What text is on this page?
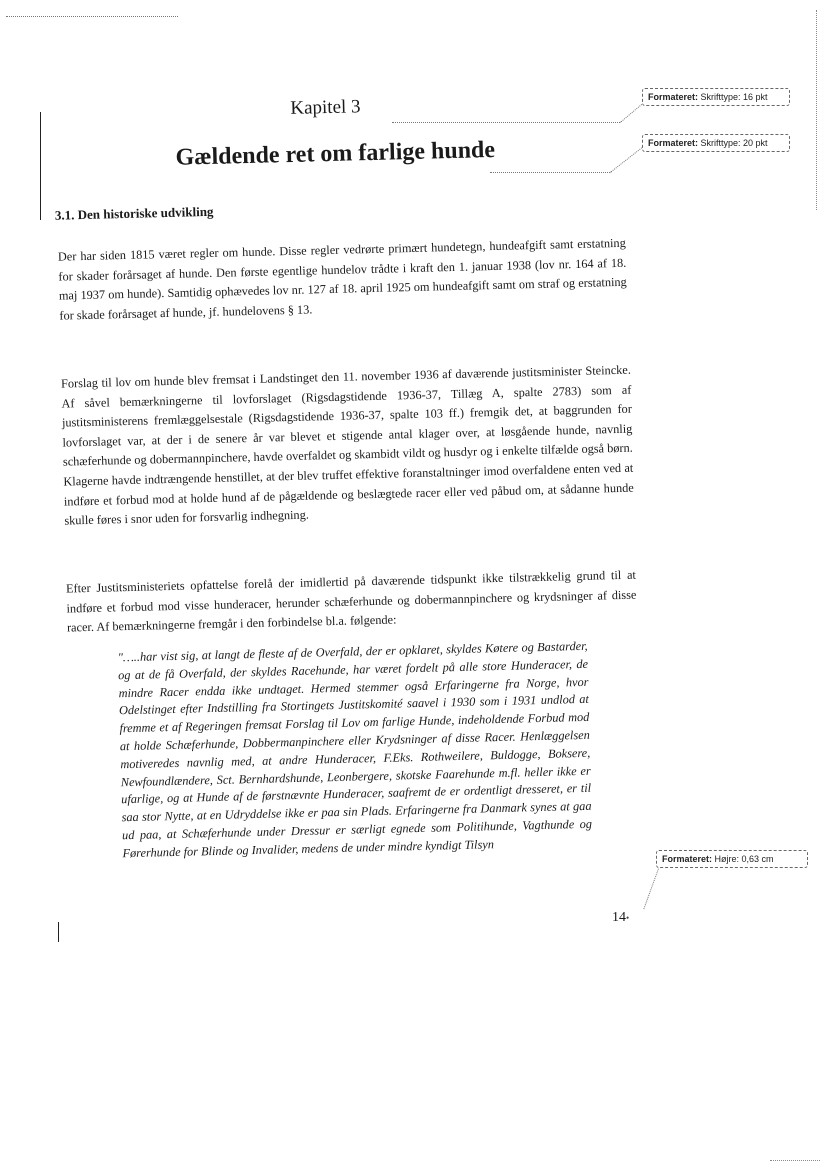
Kapitel 3
Gældende ret om farlige hunde
3.1. Den historiske udvikling

Der har siden 1815 været regler om hunde. Disse regler vedrørte primært hundetegn, hundeafgift samt erstatning for skader forårsaget af hunde. Den første egentlige hundelov trådte i kraft den 1. januar 1938 (lov nr. 164 af 18. maj 1937 om hunde). Samtidig ophævedes lov nr. 127 af 18. april 1925 om hundeafgift samt om straf og erstatning for skade forårsaget af hunde, jf. hundelovens § 13.

Forslag til lov om hunde blev fremsat i Landstinget den 11. november 1936 af daværende justitsminister Steincke. Af såvel bemærkningerne til lovforslaget (Rigsdagstidende 1936-37, Tillæg A, spalte 2783) som af justitsministerens fremlæggelsestale (Rigsdagstidende 1936-37, spalte 103 ff.) fremgik det, at baggrunden for lovforslaget var, at der i de senere år var blevet et stigende antal klager over, at løsgående hunde, navnlig schæferhunde og dobermannpinchere, havde overfaldet og skambidt vildt og husdyr og i enkelte tilfælde også børn. Klagerne havde indtrængende henstillet, at der blev truffet effektive foranstaltninger imod overfaldene enten ved at indføre et forbud mod at holde hund af de pågældende og beslægtede racer eller ved påbud om, at sådanne hunde skulle føres i snor uden for forsvarlig indhegning.

Efter Justitsministeriets opfattelse forelå der imidlertid på daværende tidspunkt ikke tilstrækkelig grund til at indføre et forbud mod visse hunderacer, herunder schæferhunde og dobermannpinchere og krydsninger af disse racer. Af bemærkningerne fremgår i den forbindelse bl.a. følgende:

"…..har vist sig, at langt de fleste af de Overfald, der er opklaret, skyldes Køtere og Bastarder, og at de få Overfald, der skyldes Racehunde, har været fordelt på alle store Hunderacer, de mindre Racer endda ikke undtaget. Hermed stemmer også Erfaringerne fra Norge, hvor Odelstinget efter Indstilling fra Stortingets Justitskomité saavel i 1930 som i 1931 undlod at fremme et af Regeringen fremsat Forslag til Lov om farlige Hunde, indeholdende Forbud mod at holde Schæferhunde, Dobbermanpinchere eller Krydsninger af disse Racer. Henlæggelsen motiveredes navnlig med, at andre Hunderacer, F.Eks. Rothweilere, Buldogge, Boksere, Newfoundlændere, Sct. Bernhardshunde, Leonbergere, skotske Faarehunde m.fl. heller ikke er ufarlige, og at Hunde af de førstnævnte Hunderacer, saafremt de er ordentligt dresseret, er til saa stor Nytte, at en Udryddelse ikke er paa sin Plads. Erfaringerne fra Danmark synes at gaa ud paa, at Schæferhunde under Dressur er særligt egnede som Politihunde, Vagthunde og Førerhunde for Blinde og Invalider, medens de under mindre kyndigt Tilsyn

Formateret: Skrifttype: 16 pkt
Formateret: Skrifttype: 20 pkt
Formateret: Højre: 0,63 cm
14•
